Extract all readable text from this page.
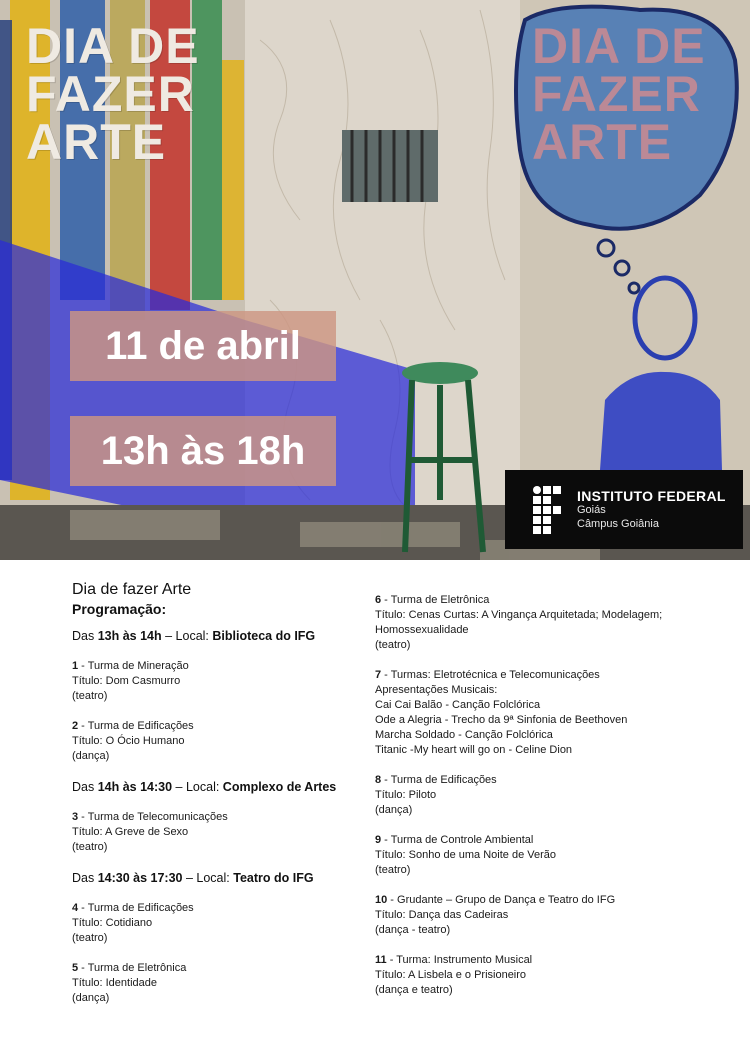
DIA DE
FAZER
ARTE
DIA DE
FAZER
ARTE
11 de abril
13h às 18h
INSTITUTO FEDERAL
Goiás
Câmpus Goiânia
Dia de fazer Arte
Programação:
Das 13h às 14h – Local: Biblioteca do IFG
1 - Turma de Mineração
Título: Dom Casmurro
(teatro)
2 - Turma de Edificações
Título: O Ócio Humano
(dança)
Das 14h às 14:30 – Local: Complexo de Artes
3 - Turma de Telecomunicações
Título: A Greve de Sexo
(teatro)
Das 14:30 às 17:30 – Local: Teatro do IFG
4 - Turma de Edificações
Título: Cotidiano
(teatro)
5 - Turma de Eletrônica
Título: Identidade
(dança)
6 - Turma de Eletrônica
Título: Cenas Curtas: A Vingança Arquitetada; Modelagem;
Homossexualidade
(teatro)
7 - Turmas: Eletrotécnica e Telecomunicações
Apresentações Musicais:
Cai Cai Balão - Canção Folclórica
Ode a Alegria - Trecho da 9ª Sinfonia de Beethoven
Marcha Soldado - Canção Folclórica
Titanic -My heart will go on - Celine Dion
8 - Turma de Edificações
Título: Piloto
(dança)
9 - Turma de Controle Ambiental
Título: Sonho de uma Noite de Verão
(teatro)
10 - Grudante – Grupo de Dança e Teatro do IFG
Título: Dança das Cadeiras
(dança - teatro)
11 - Turma: Instrumento Musical
Título: A Lisbela e o Prisioneiro
(dança e teatro)
